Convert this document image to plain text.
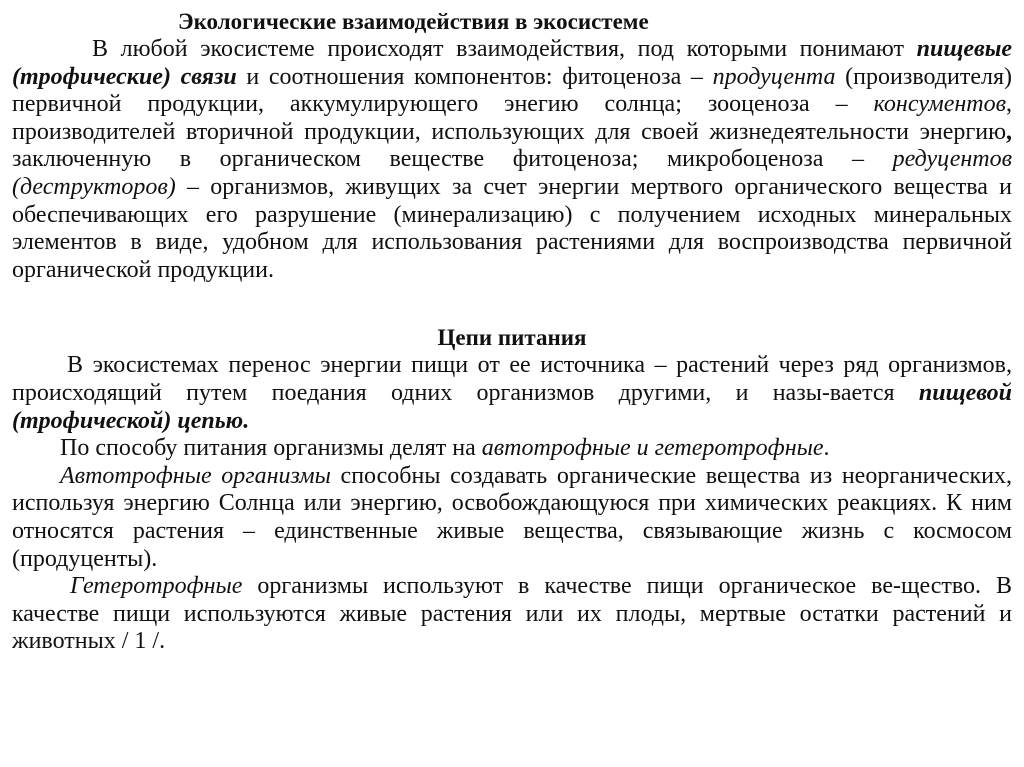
Экологические взаимодействия в экосистеме

В любой экосистеме происходят взаимодействия, под которыми понимают пищевые (трофические) связи и соотношения компонентов: фитоценоза – продуцента (производителя) первичной продукции, аккумулирующего энегию солнца; зооценоза – консументов, производителей вторичной продукции, использующих для своей жизнедеятельности энергию, заключенную в органическом веществе фитоценоза; микробоценоза – редуцентов (деструкторов) – организмов, живущих за счет энергии мертвого органического вещества и обеспечивающих его разрушение (минерализацию) с получением исходных минеральных элементов в виде, удобном для использования растениями для воспроизводства первичной органической продукции.

Цепи питания

В экосистемах перенос энергии пищи от ее источника – растений через ряд организмов, происходящий путем поедания одних организмов другими, и назы-вается пищевой (трофической) цепью.

По способу питания организмы делят на автотрофные и гетеротрофные.

Автотрофные организмы способны создавать органические вещества из неорганических, используя энергию Солнца или энергию, освобождающуюся при химических реакциях. К ним относятся растения – единственные живые вещества, связывающие жизнь с космосом (продуценты).

Гетеротрофные организмы используют в качестве пищи органическое ве-щество. В качестве пищи используются живые растения или их плоды, мертвые остатки растений и животных / 1 /.
